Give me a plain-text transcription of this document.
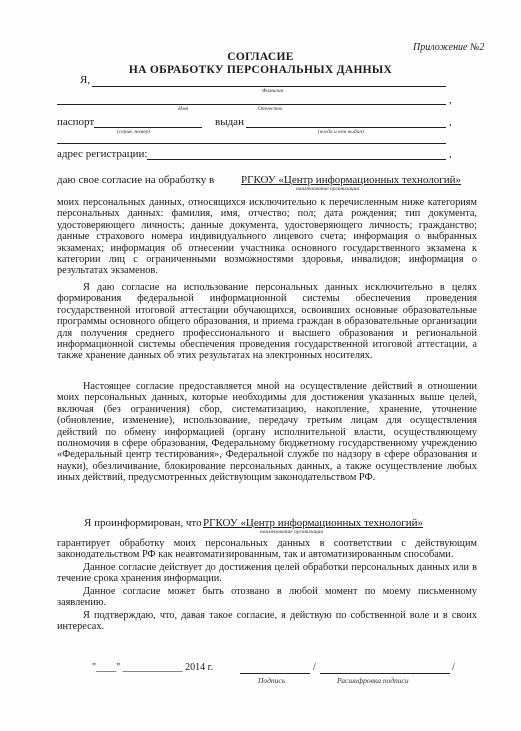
Приложение №2
СОГЛАСИЕ
НА ОБРАБОТКУ ПЕРСОНАЛЬНЫХ ДАННЫХ
Я,
Фамилия
,
Имя	Отчество
паспорт
(серия, номер)
выдан	,
(когда и кем выдан)
адрес регистрации:	,
даю свое согласие на обработку в РГКОУ «Центр информационных технологий»
наименование организации
моих персональных данных, относящихся исключительно к перечисленным ниже категориям персональных данных: фамилия, имя, отчество; пол; дата рождения; тип документа, удостоверяющего личность; данные документа, удостоверяющего личность; гражданство; данные страхового номера индивидуального лицевого счета; информация о выбранных экзаменах; информация об отнесении участника основного государственного экзамена к категории лиц с ограниченными возможностями здоровья, инвалидов; информация о результатах экзаменов.
Я даю согласие на использование персональных данных исключительно в целях формирования федеральной информационной системы обеспечения проведения государственной итоговой аттестации обучающихся, освоивших основные образовательные программы основного общего образования, и приема граждан в образовательные организации для получения среднего профессионального и высшего образования и региональной информационной системы обеспечения проведения государственной итоговой аттестации, а также хранение данных об этих результатах на электронных носителях.
Настоящее согласие предоставляется мной на осуществление действий в отношении моих персональных данных, которые необходимы для достижения указанных выше целей, включая (без ограничения) сбор, систематизацию, накопление, хранение, уточнение (обновление, изменение), использование, передачу третьим лицам для осуществления действий по обмену информацией (органу исполнительной власти, осуществляющему полномочия в сфере образования, Федеральному бюджетному государственному учреждению «Федеральный центр тестирования», Федеральной службе по надзору в сфере образования и науки), обезличивание, блокирование персональных данных, а также осуществление любых иных действий, предусмотренных действующим законодательством РФ.
Я проинформирован, что РГКОУ «Центр информационных технологий»
наименование организации
гарантирует обработку моих персональных данных в соответствии с действующим законодательством РФ как неавтоматизированным, так и автоматизированным способами.
Данное согласие действует до достижения целей обработки персональных данных или в течение срока хранения информации.
Данное согласие может быть отозвано в любой момент по моему письменному заявлению.
Я подтверждаю, что, давая такое согласие, я действую по собственной воле и в своих интересах.
"____" ____________ 2014 г.	/	/
Подпись	Расшифровка подписи
